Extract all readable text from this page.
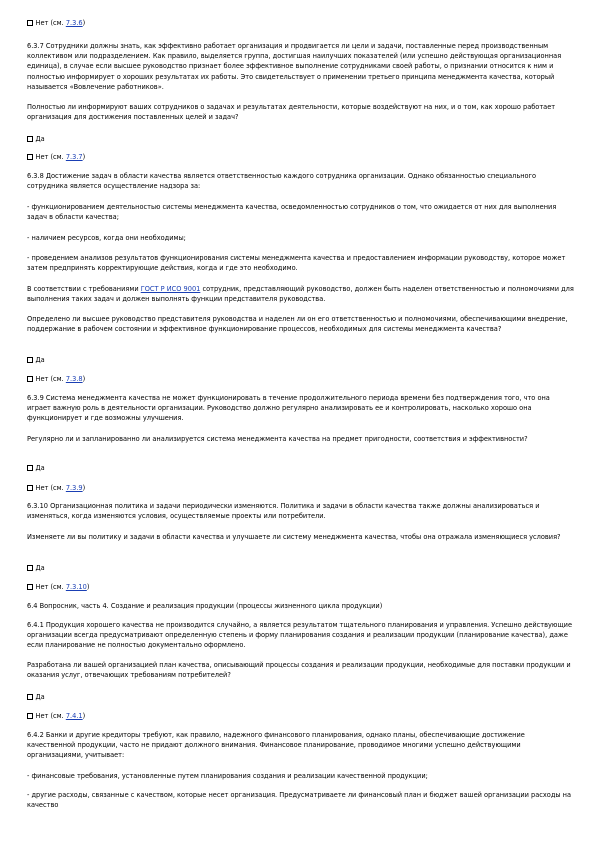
Нет (см. 7.3.6)

6.3.7 Сотрудники должны знать, как эффективно работает организация и продвигается ли цели и задачи, поставленные перед производственным коллективом или подразделением. Как правило, выделяется группа, достигшая наилучших показателей (или успешно действующая организационная единица), в случае если высшее руководство признает более эффективное выполнение сотрудниками своей работы, о признании относится к ним и полностью информирует о хороших результатах их работы. Это свидетельствует о применении третьего принципа менеджмента качества, который называется «Вовлечение работников».

Полностью ли информируют ваших сотрудников о задачах и результатах деятельности, которые воздействуют на них, и о том, как хорошо работает организация для достижения поставленных целей и задач?

Да

Нет (см. 7.3.7)

6.3.8 Достижение задач в области качества является ответственностью каждого сотрудника организации. Однако обязанностью специального сотрудника является осуществление надзора за:

- функционированием деятельностью системы менеджмента качества, осведомленностью сотрудников о том, что ожидается от них для выполнения задач в области качества;

- наличием ресурсов, когда они необходимы;

- проведением анализов результатов функционирования системы менеджмента качества и предоставлением информации руководству, которое может затем предпринять корректирующие действия, когда и где это необходимо.

В соответствии с требованиями ГОСТ Р ИСО 9001 сотрудник, представляющий руководство, должен быть наделен ответственностью и полномочиями для выполнения таких задач и должен выполнять функции представителя руководства.

Определено ли высшее руководство представителя руководства и наделен ли он его ответственностью и полномочиями, обеспечивающими внедрение, поддержание в рабочем состоянии и эффективное функционирование процессов, необходимых для системы менеджмента качества?

Да

Нет (см. 7.3.8)

6.3.9 Система менеджмента качества не может функционировать в течение продолжительного периода времени без подтверждения того, что она играет важную роль в деятельности организации. Руководство должно регулярно анализировать ее и контролировать, насколько хорошо она функционирует и где возможны улучшения.

Регулярно ли и запланированно ли анализируется система менеджмента качества на предмет пригодности, соответствия и эффективности?

Да

Нет (см. 7.3.9)

6.3.10 Организационная политика и задачи периодически изменяются. Политика и задачи в области качества также должны анализироваться и изменяться, когда изменяются условия, осуществляемые проекты или потребители.

Изменяете ли вы политику и задачи в области качества и улучшаете ли систему менеджмента качества, чтобы она отражала изменяющиеся условия?

Да

Нет (см. 7.3.10)

6.4 Вопросник, часть 4. Создание и реализация продукции (процессы жизненного цикла продукции)

6.4.1 Продукция хорошего качества не производится случайно, а является результатом тщательного планирования и управления. Успешно действующие организации всегда предусматривают определенную степень и форму планирования создания и реализации продукции (планирование качества), даже если планирование не полностью документально оформлено.

Разработана ли вашей организацией план качества, описывающий процессы создания и реализации продукции, необходимые для поставки продукции и оказания услуг, отвечающих требованиям потребителей?

Да

Нет (см. 7.4.1)

6.4.2 Банки и другие кредиторы требуют, как правило, надежного финансового планирования, однако планы, обеспечивающие достижение качественной продукции, часто не придают должного внимания. Финансовое планирование, проводимое многими успешно действующими организациями, учитывает:

- финансовые требования, установленные путем планирования создания и реализации качественной продукции;

- другие расходы, связанные с качеством, которые несет организация. Предусматриваете ли финансовый план и бюджет вашей организации расходы на качество
